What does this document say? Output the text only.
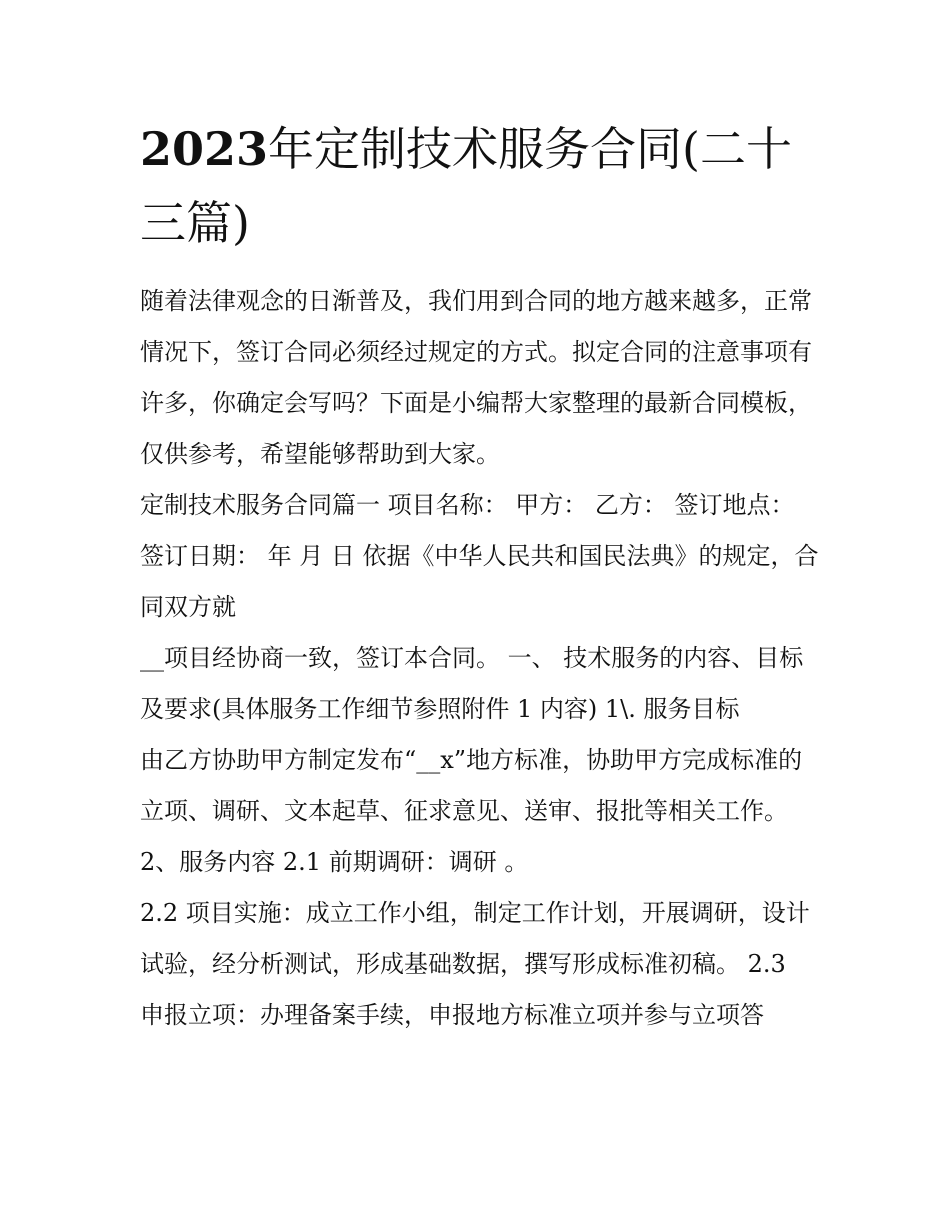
2023年定制技术服务合同(二十三篇)

随着法律观念的日渐普及，我们用到合同的地方越来越多，正常情况下，签订合同必须经过规定的方式。拟定合同的注意事项有许多，你确定会写吗？下面是小编帮大家整理的最新合同模板，仅供参考，希望能够帮助到大家。

定制技术服务合同篇一 项目名称： 甲方： 乙方： 签订地点： 签订日期： 年 月 日 依据《中华人民共和国民法典》的规定，合同双方就

__项目经协商一致，签订本合同。 一、 技术服务的内容、目标及要求(具体服务工作细节参照附件 1 内容) 1\. 服务目标

由乙方协助甲方制定发布“__x”地方标准，协助甲方完成标准的立项、调研、文本起草、征求意见、送审、报批等相关工作。 2、服务内容 2.1 前期调研：调研 。

2.2 项目实施：成立工作小组，制定工作计划，开展调研，设计试验，经分析测试，形成基础数据，撰写形成标准初稿。 2.3

申报立项：办理备案手续，申报地方标准立项并参与立项答
